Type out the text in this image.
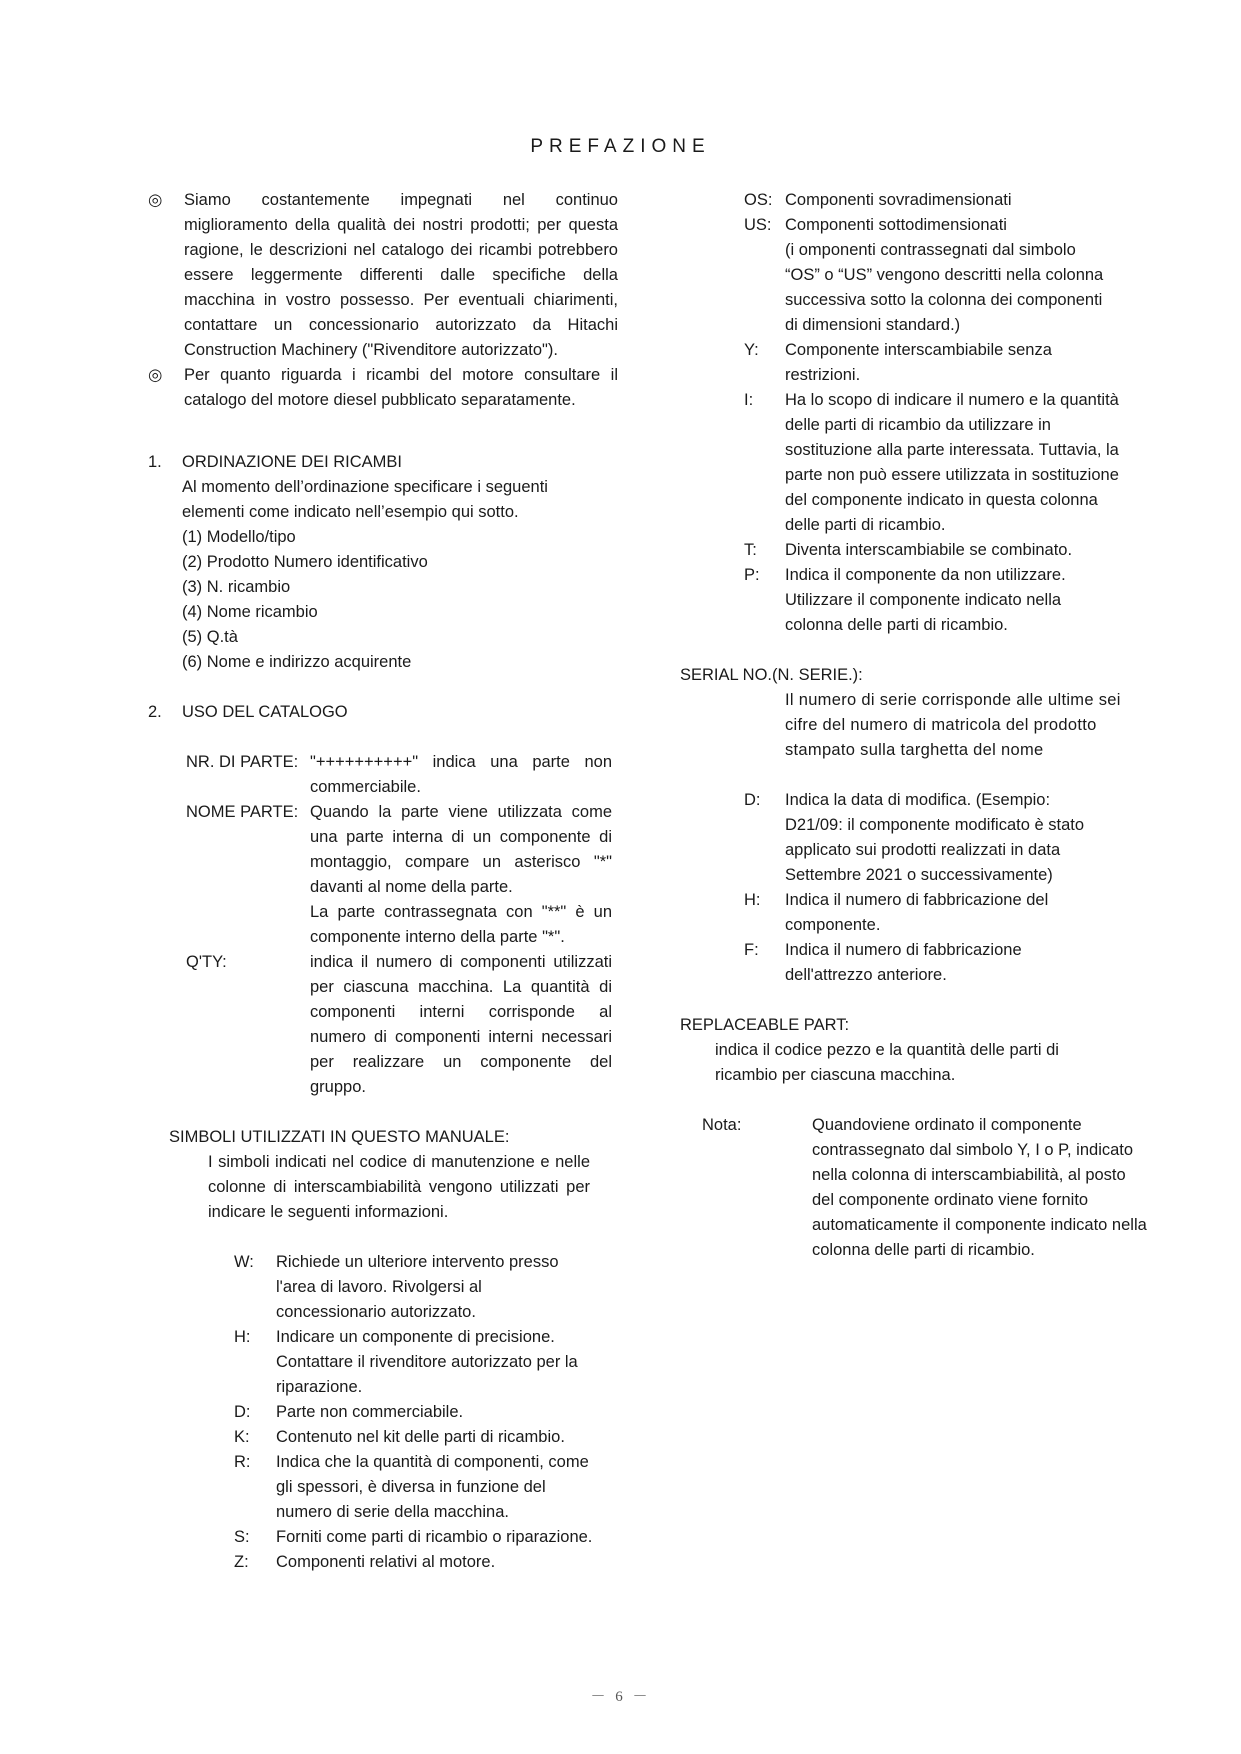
PREFAZIONE
◎	Siamo costantemente impegnati nel continuo miglioramento della qualità dei nostri prodotti; per questa ragione, le descrizioni nel catalogo dei ricambi potrebbero essere leggermente differenti dalle specifiche della macchina in vostro possesso. Per eventuali chiarimenti, contattare un concessionario autorizzato da Hitachi Construction Machinery ("Rivenditore autorizzato").
◎	Per quanto riguarda i ricambi del motore consultare il catalogo del motore diesel pubblicato separatamente.
1.	ORDINAZIONE DEI RICAMBI
Al momento dell’ordinazione specificare i seguenti elementi come indicato nell’esempio qui sotto.
(1) Modello/tipo
(2) Prodotto Numero identificativo
(3) N. ricambio
(4) Nome ricambio
(5) Q.tà
(6) Nome e indirizzo acquirente
2.	USO DEL CATALOGO
NR. DI PARTE: "++++++++++" indica una parte non commerciabile.
NOME PARTE: Quando la parte viene utilizzata come una parte interna di un componente di montaggio, compare un asterisco "*" davanti al nome della parte.
La parte contrassegnata con "**" è un componente interno della parte "*".
Q'TY:	indica il numero di componenti utilizzati per ciascuna macchina. La quantità di componenti interni corrisponde al numero di componenti interni necessari per realizzare un componente del gruppo.
SIMBOLI UTILIZZATI IN QUESTO MANUALE:
I simboli indicati nel codice di manutenzione e nelle colonne di interscambiabilità vengono utilizzati per indicare le seguenti informazioni.
W:	Richiede un ulteriore intervento presso l'area di lavoro. Rivolgersi al concessionario autorizzato.
H:	Indicare un componente di precisione. Contattare il rivenditore autorizzato per la riparazione.
D:	Parte non commerciabile.
K:	Contenuto nel kit delle parti di ricambio.
R:	Indica che la quantità di componenti, come gli spessori, è diversa in funzione del numero di serie della macchina.
S:	Forniti come parti di ricambio o riparazione.
Z:	Componenti relativi al motore.
OS: Componenti sovradimensionati
US: Componenti sottodimensionati
(i omponenti contrassegnati dal simbolo “OS” o “US” vengono descritti nella colonna successiva sotto la colonna dei componenti di dimensioni standard.)
Y:	Componente interscambiabile senza restrizioni.
I:	Ha lo scopo di indicare il numero e la quantità delle parti di ricambio da utilizzare in sostituzione alla parte interessata. Tuttavia, la parte non può essere utilizzata in sostituzione del componente indicato in questa colonna delle parti di ricambio.
T:	Diventa interscambiabile se combinato.
P:	Indica il componente da non utilizzare. Utilizzare il componente indicato nella colonna delle parti di ricambio.
SERIAL NO.(N. SERIE.):
Il numero di serie corrisponde alle ultime sei cifre del numero di matricola del prodotto stampato sulla targhetta del nome
D:	Indica la data di modifica. (Esempio: D21/09: il componente modificato è stato applicato sui prodotti realizzati in data Settembre 2021 o successivamente)
H:	Indica il numero di fabbricazione del componente.
F:	Indica il numero di fabbricazione dell'attrezzo anteriore.
REPLACEABLE PART:
indica il codice pezzo e la quantità delle parti di ricambio per ciascuna macchina.
Nota:	Quandoviene ordinato il componente contrassegnato dal simbolo Y, I o P, indicato nella colonna di interscambiabilità, al posto del componente ordinato viene fornito automaticamente il componente indicato nella colonna delle parti di ricambio.
－ 6 －
